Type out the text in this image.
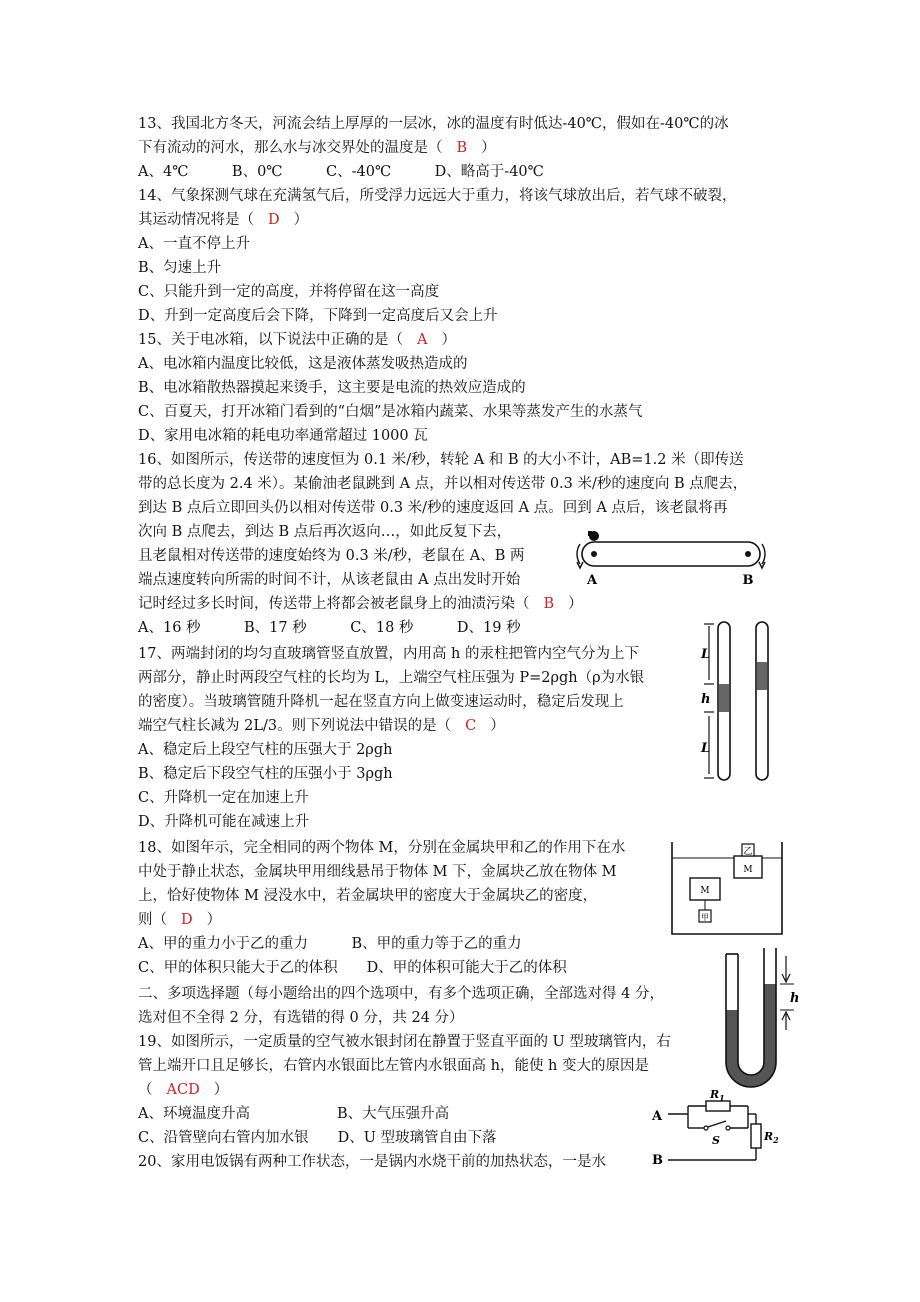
13、我国北方冬天，河流会结上厚厚的一层冰，冰的温度有时低达-40℃，假如在-40℃的冰
下有流动的河水，那么水与冰交界处的温度是（ B ）
A、4℃　　　B、0℃　　　C、-40℃　　　D、略高于-40℃
14、气象探测气球在充满氢气后，所受浮力远远大于重力，将该气球放出后，若气球不破裂，
其运动情况将是（ D ）
A、一直不停上升
B、匀速上升
C、只能升到一定的高度，并将停留在这一高度
D、升到一定高度后会下降，下降到一定高度后又会上升
15、关于电冰箱，以下说法中正确的是（ A ）
A、电冰箱内温度比较低，这是液体蒸发吸热造成的
B、电冰箱散热器摸起来烫手，这主要是电流的热效应造成的
C、百夏天，打开冰箱门看到的“白烟”是冰箱内蔬菜、水果等蒸发产生的水蒸气
D、家用电冰箱的耗电功率通常超过 1000 瓦
16、如图所示，传送带的速度恒为 0.1 米/秒，转轮 A 和 B 的大小不计，AB=1.2 米（即传送
带的总长度为 2.4 米）。某偷油老鼠跳到 A 点，并以相对传送带 0.3 米/秒的速度向 B 点爬去，
到达 B 点后立即回头仍以相对传送带 0.3 米/秒的速度返回 A 点。回到 A 点后，该老鼠将再
次向 B 点爬去，到达 B 点后再次返向…，如此反复下去，
且老鼠相对传送带的速度始终为 0.3 米/秒，老鼠在 A、B 两
端点速度转向所需的时间不计，从该老鼠由 A 点出发时开始
记时经过多长时间，传送带上将都会被老鼠身上的油渍污染（ B ）
A、16 秒　　　B、17 秒　　　C、18 秒　　　D、19 秒
17、两端封闭的均匀直玻璃管竖直放置，内用高 h 的汞柱把管内空气分为上下
两部分，静止时两段空气柱的长均为 L，上端空气柱压强为 P=2ρgh（ρ为水银
的密度）。当玻璃管随升降机一起在竖直方向上做变速运动时，稳定后发现上
端空气柱长减为 2L/3。则下列说法中错误的是（ C ）
A、稳定后上段空气柱的压强大于 2ρgh
B、稳定后下段空气柱的压强小于 3ρgh
C、升降机一定在加速上升
D、升降机可能在减速上升
18、如图年示，完全相同的两个物体 M，分别在金属块甲和乙的作用下在水
中处于静止状态，金属块甲用细线悬吊于物体 M 下，金属块乙放在物体 M
上，恰好使物体 M 浸没水中，若金属块甲的密度大于金属块乙的密度，
则（ D ）
A、甲的重力小于乙的重力　　　B、甲的重力等于乙的重力
C、甲的体积只能大于乙的体积　　D、甲的体积可能大于乙的体积
二、多项选择题（每小题给出的四个选项中，有多个选项正确，全部选对得 4 分，
选对但不全得 2 分，有选错的得 0 分，共 24 分）
19、如图所示，一定质量的空气被水银封闭在静置于竖直平面的 U 型玻璃管内，右
管上端开口且足够长，右管内水银面比左管内水银面高 h，能使 h 变大的原因是
（ ACD ）
A、环境温度升高　　　　　　B、大气压强升高
C、沿管壁向右管内加水银　　D、U 型玻璃管自由下落
20、家用电饭锅有两种工作状态，一是锅内水烧干前的加热状态，一是水
A	B
L
h
L
乙
M
M
甲
h
A
B
$R_1$
S	$R_2$
